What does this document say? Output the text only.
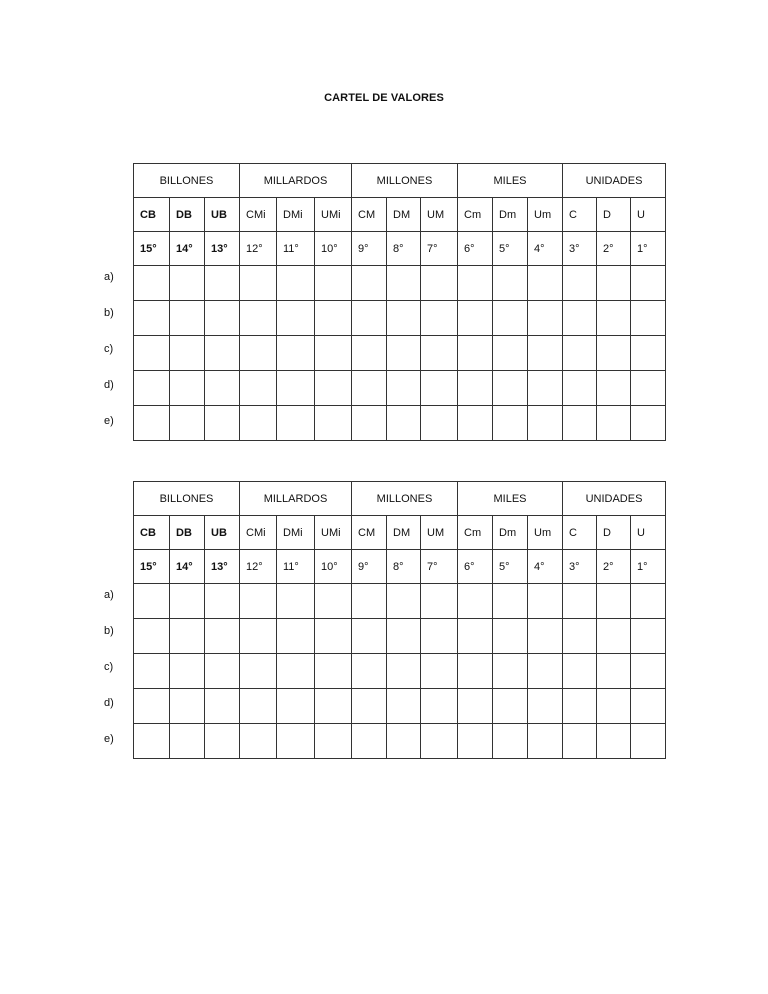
CARTEL DE VALORES
BILLONES			MILLARDOS			MILLONES			MILES			UNIDADES		
CB	DB	UB	CMi	DMi	UMi	CM	DM	UM	Cm	Dm	Um	C	D	U
15°	14°	13°	12°	11°	10°	9°	8°	7°	6°	5°	4°	3°	2°	1°

a)
b)
c)
d)
e)
BILLONES			MILLARDOS			MILLONES			MILES			UNIDADES		
CB	DB	UB	CMi	DMi	UMi	CM	DM	UM	Cm	Dm	Um	C	D	U
15°	14°	13°	12°	11°	10°	9°	8°	7°	6°	5°	4°	3°	2°	1°

a)
b)
c)
d)
e)
